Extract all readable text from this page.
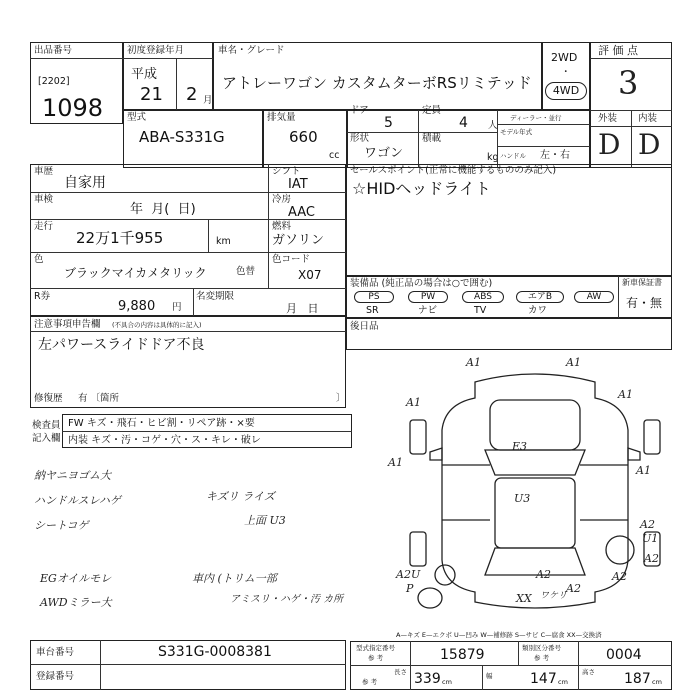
出品番号
[2202]
1098
初度登録年月
平成
21 2 月
車名・グレード
アトレーワゴン カスタムターボRSリミテッド
2WD
・
4WD
評 価 点
3
外装 内装
D D
型式
ABA-S331G
排気量
660
cc
ドア
5
定員
4 人
形状
ワゴン
積載
kg
ディーラー・並行
モデル年式
ハンドル 左・右
車歴
自家用
車検
年  月(  日)
走行
22万1千955	km
色
ブラックマイカメタリック	色替
シフト
IAT
冷房
AAC
燃料
ガソリン
色コード
X07
R券
9,880 円
名変期限
月   日
セールスポイント(正常に機能するもののみ記入)
☆HIDヘッドライト
装備品 (純正品の場合は○で囲む)
PS	PW	ABS	エアB	AW
SR	ナビ	TV	カワ
新車保証書
有・無
注意事項申告欄 (不具合の内容は具体的に記入)
左パワースライドドア不良
修復歴 有 〔箇所	〕
後日品
検査員
記入欄
FW キズ・飛石・ヒビ割・リペア跡・×要
内装 キズ・汚・コゲ・穴・ス・キレ・破レ
納ヤニヨゴム大
ハンドルスレハゲ
シートコゲ
EGオイルモレ
AWDミラー大
キズリ ライズ
上面 U3
車内 (トリム一部
アミスリ・ハゲ・汚 カ所
A1	A1
A1
A1
A1
A1
E3
U3
A2
A2
A2	A2
U1
A2U
P	A2
XX ワケリ
A—キズ E—エクボ U—凹み W—補修跡 S—サビ C—腐食 XX—交換済
車台番号	S331G-0008381
登録番号
型式指定番号
参 考	15879	類別区分番号
参 考	0004
長さ
参 考	339 cm
幅	147 cm
高さ 187 cm
